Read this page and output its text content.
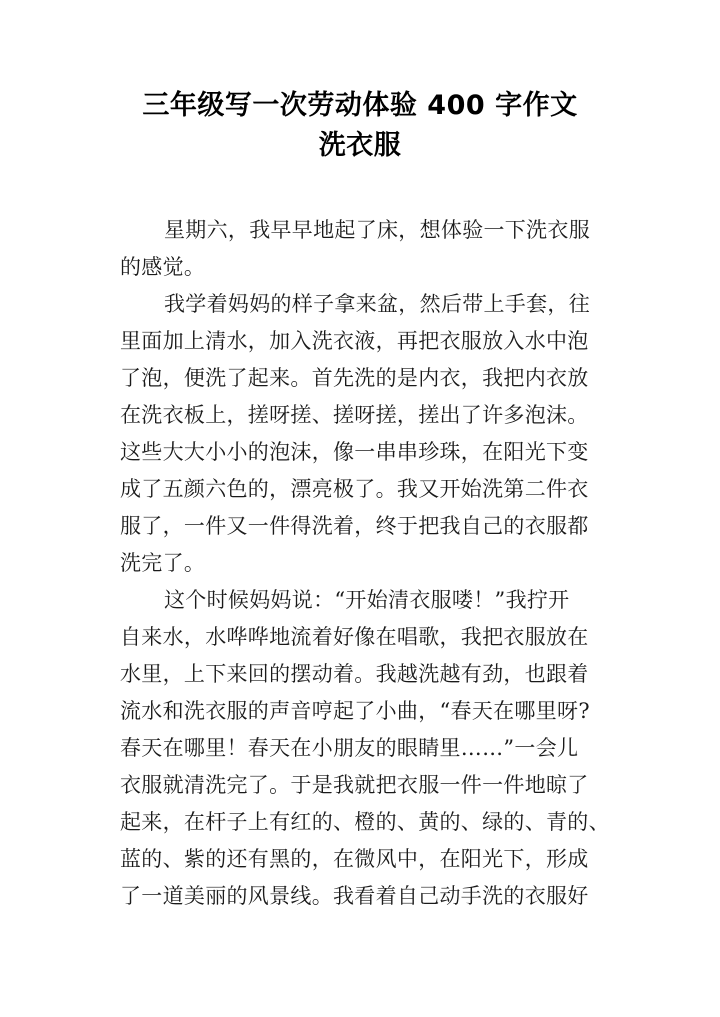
三年级写一次劳动体验 400 字作文
洗衣服
星期六，我早早地起了床，想体验一下洗衣服
的感觉。
我学着妈妈的样子拿来盆，然后带上手套，往
里面加上清水，加入洗衣液，再把衣服放入水中泡
了泡，便洗了起来。首先洗的是内衣，我把内衣放
在洗衣板上，搓呀搓、搓呀搓，搓出了许多泡沫。
这些大大小小的泡沫，像一串串珍珠，在阳光下变
成了五颜六色的，漂亮极了。我又开始洗第二件衣
服了，一件又一件得洗着，终于把我自己的衣服都
洗完了。
这个时候妈妈说：“开始清衣服喽！”我拧开
自来水，水哗哗地流着好像在唱歌，我把衣服放在
水里，上下来回的摆动着。我越洗越有劲，也跟着
流水和洗衣服的声音哼起了小曲，“春天在哪里呀?
春天在哪里！春天在小朋友的眼睛里……”一会儿
衣服就清洗完了。于是我就把衣服一件一件地晾了
起来，在杆子上有红的、橙的、黄的、绿的、青的、
蓝的、紫的还有黑的，在微风中，在阳光下，形成
了一道美丽的风景线。我看着自己动手洗的衣服好
